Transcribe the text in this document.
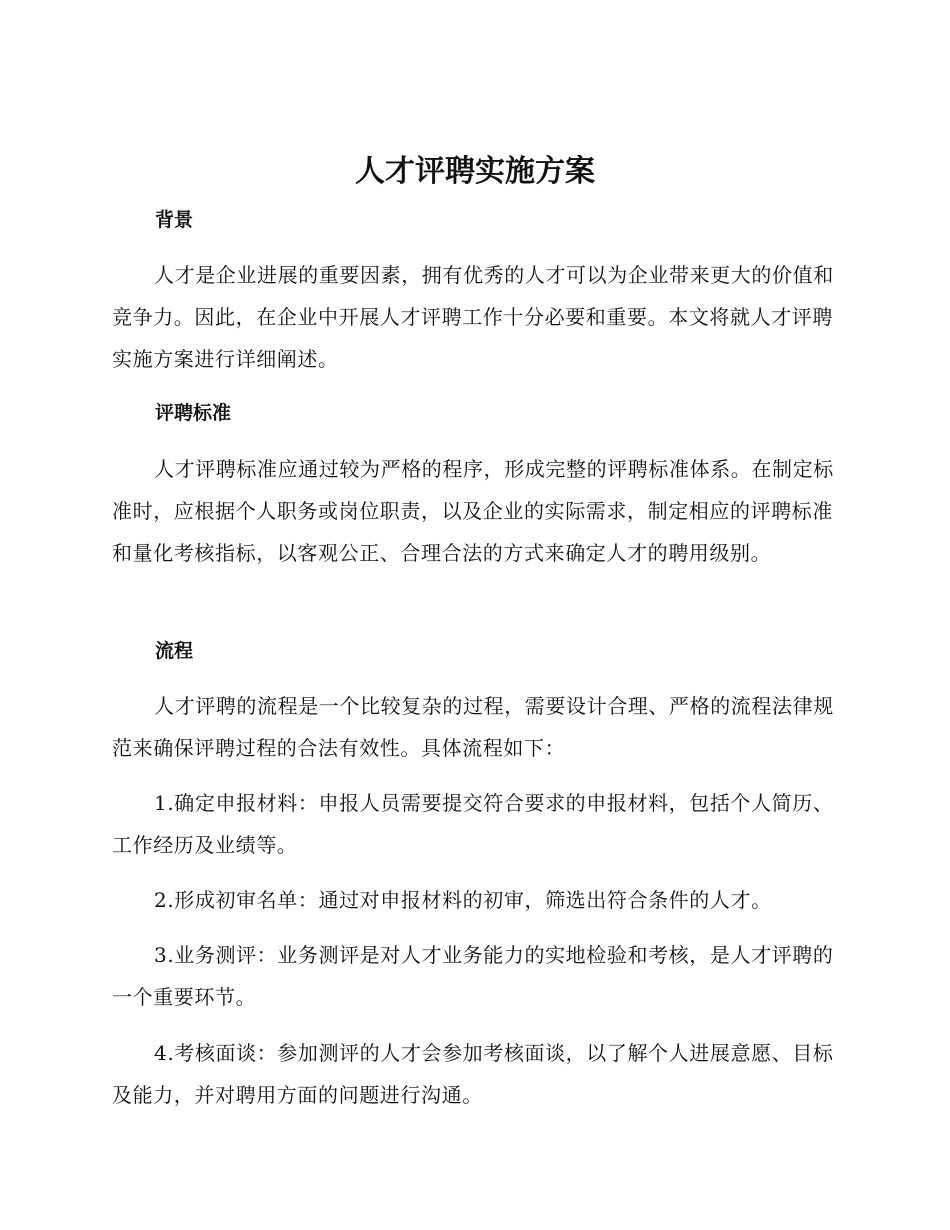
人才评聘实施方案
背景

人才是企业进展的重要因素，拥有优秀的人才可以为企业带来更大的价值和竞争力。因此，在企业中开展人才评聘工作十分必要和重要。本文将就人才评聘实施方案进行详细阐述。

评聘标准

人才评聘标准应通过较为严格的程序，形成完整的评聘标准体系。在制定标准时，应根据个人职务或岗位职责，以及企业的实际需求，制定相应的评聘标准和量化考核指标，以客观公正、合理合法的方式来确定人才的聘用级别。

流程

人才评聘的流程是一个比较复杂的过程，需要设计合理、严格的流程法律规范来确保评聘过程的合法有效性。具体流程如下：

1.确定申报材料：申报人员需要提交符合要求的申报材料，包括个人简历、工作经历及业绩等。

2.形成初审名单：通过对申报材料的初审，筛选出符合条件的人才。

3.业务测评：业务测评是对人才业务能力的实地检验和考核，是人才评聘的一个重要环节。

4.考核面谈：参加测评的人才会参加考核面谈，以了解个人进展意愿、目标及能力，并对聘用方面的问题进行沟通。
